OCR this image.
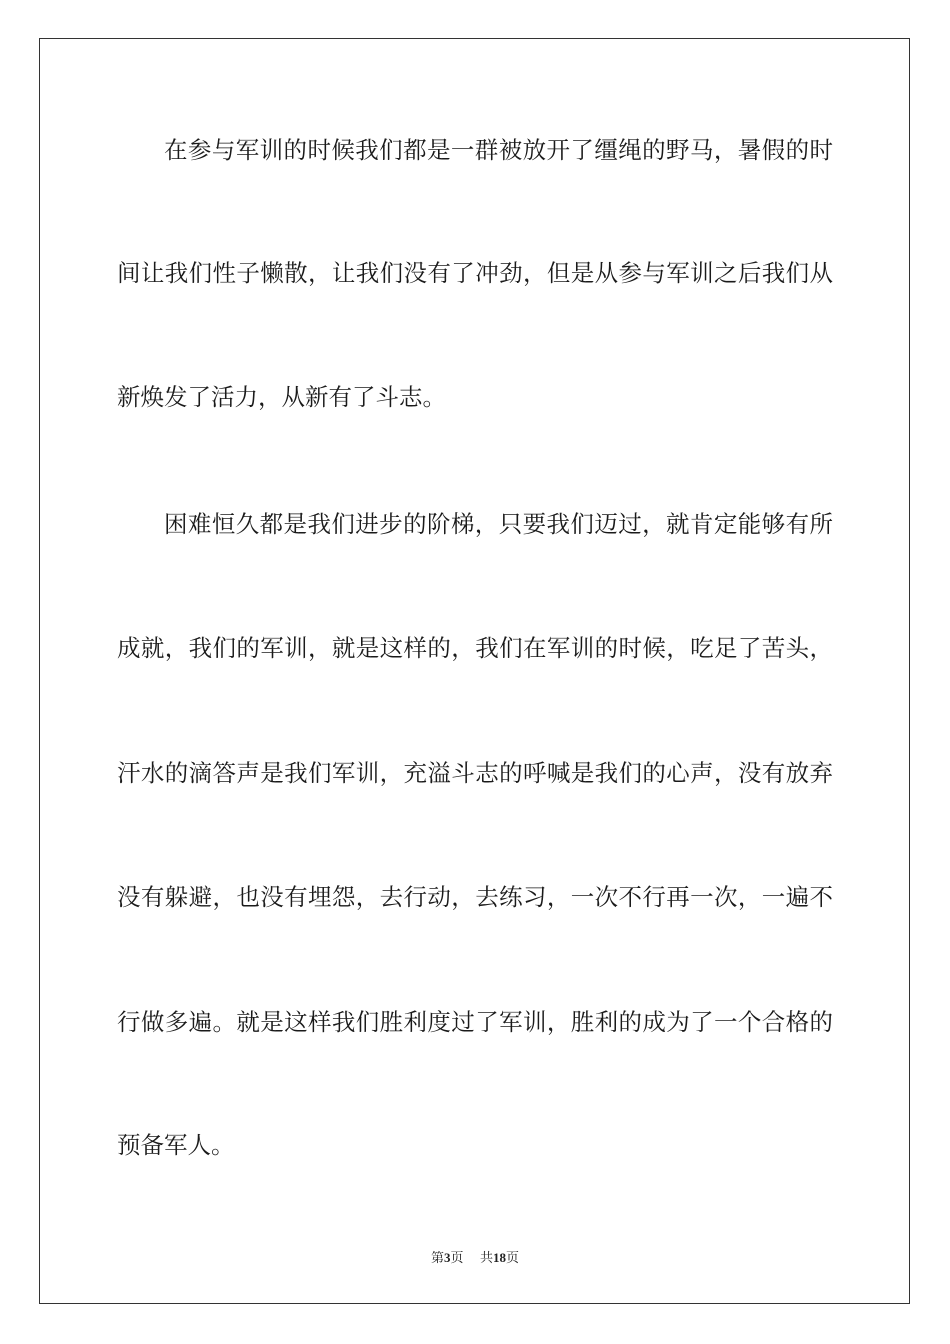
在参与军训的时候我们都是一群被放开了缰绳的野马，暑假的时
间让我们性子懒散，让我们没有了冲劲，但是从参与军训之后我们从
新焕发了活力，从新有了斗志。
困难恒久都是我们进步的阶梯，只要我们迈过，就肯定能够有所
成就，我们的军训，就是这样的，我们在军训的时候，吃足了苦头，
汗水的滴答声是我们军训，充溢斗志的呼喊是我们的心声，没有放弃
没有躲避，也没有埋怨，去行动，去练习，一次不行再一次，一遍不
行做多遍。就是这样我们胜利度过了军训，胜利的成为了一个合格的
预备军人。
第3页 共18页
